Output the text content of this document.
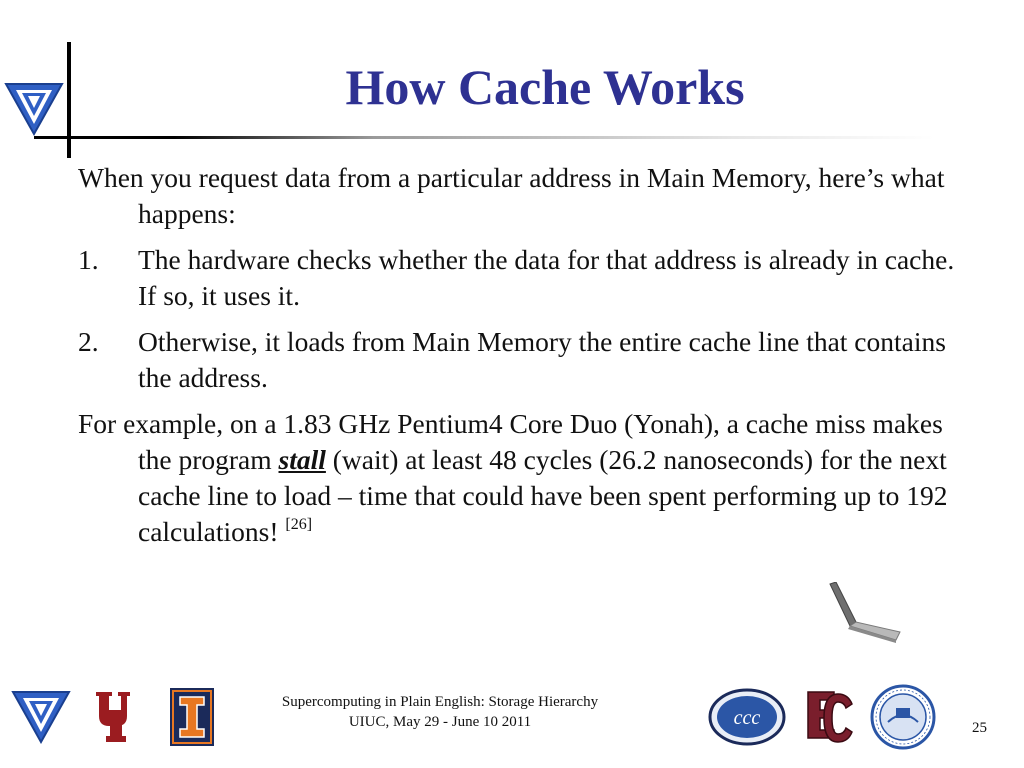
How Cache Works

When you request data from a particular address in Main Memory, here’s what happens:

1. The hardware checks whether the data for that address is already in cache. If so, it uses it.
2. Otherwise, it loads from Main Memory the entire cache line that contains the address.

For example, on a 1.83 GHz Pentium4 Core Duo (Yonah), a cache miss makes the program stall (wait) at least 48 cycles (26.2 nanoseconds) for the next cache line to load – time that could have been spent performing up to 192 calculations! [26]

ccc
Supercomputing in Plain English: Storage Hierarchy
UIUC, May 29 - June 10 2011	25
